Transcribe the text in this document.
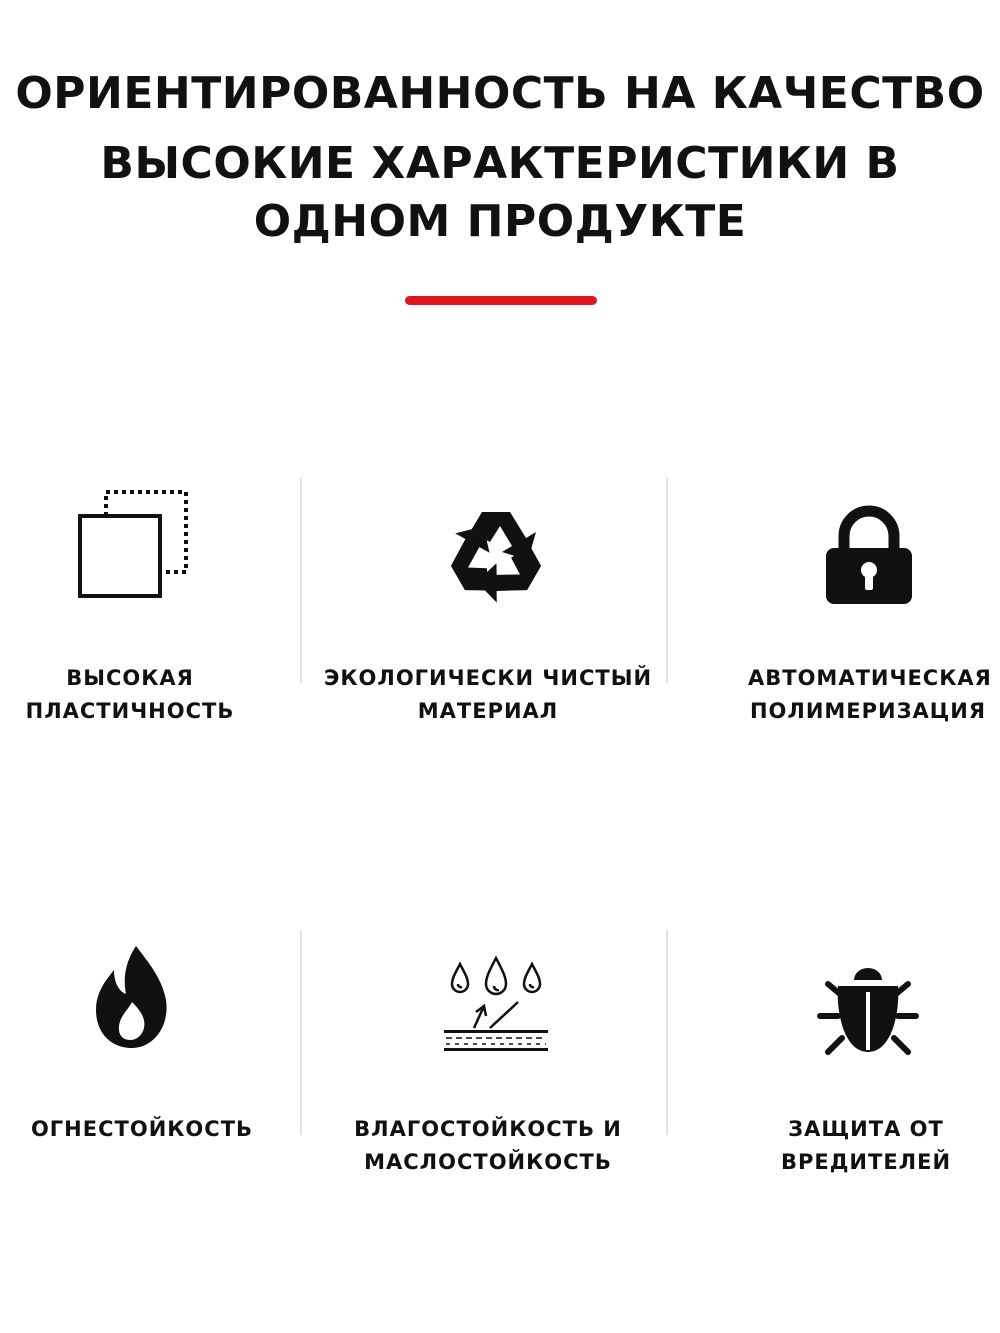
ОРИЕНТИРОВАННОСТЬ НА КАЧЕСТВО
ВЫСОКИЕ ХАРАКТЕРИСТИКИ В
ОДНОМ ПРОДУКТЕ
ВЫСОКАЯ
ПЛАСТИЧНОСТЬ
ЭКОЛОГИЧЕСКИ ЧИСТЫЙ
МАТЕРИАЛ
АВТОМАТИЧЕСКАЯ
ПОЛИМЕРИЗАЦИЯ
ОГНЕСТОЙКОСТЬ	ВЛАГОСТОЙКОСТЬ И
МАСЛОСТОЙКОСТЬ
ЗАЩИТА ОТ
ВРЕДИТЕЛЕЙ
